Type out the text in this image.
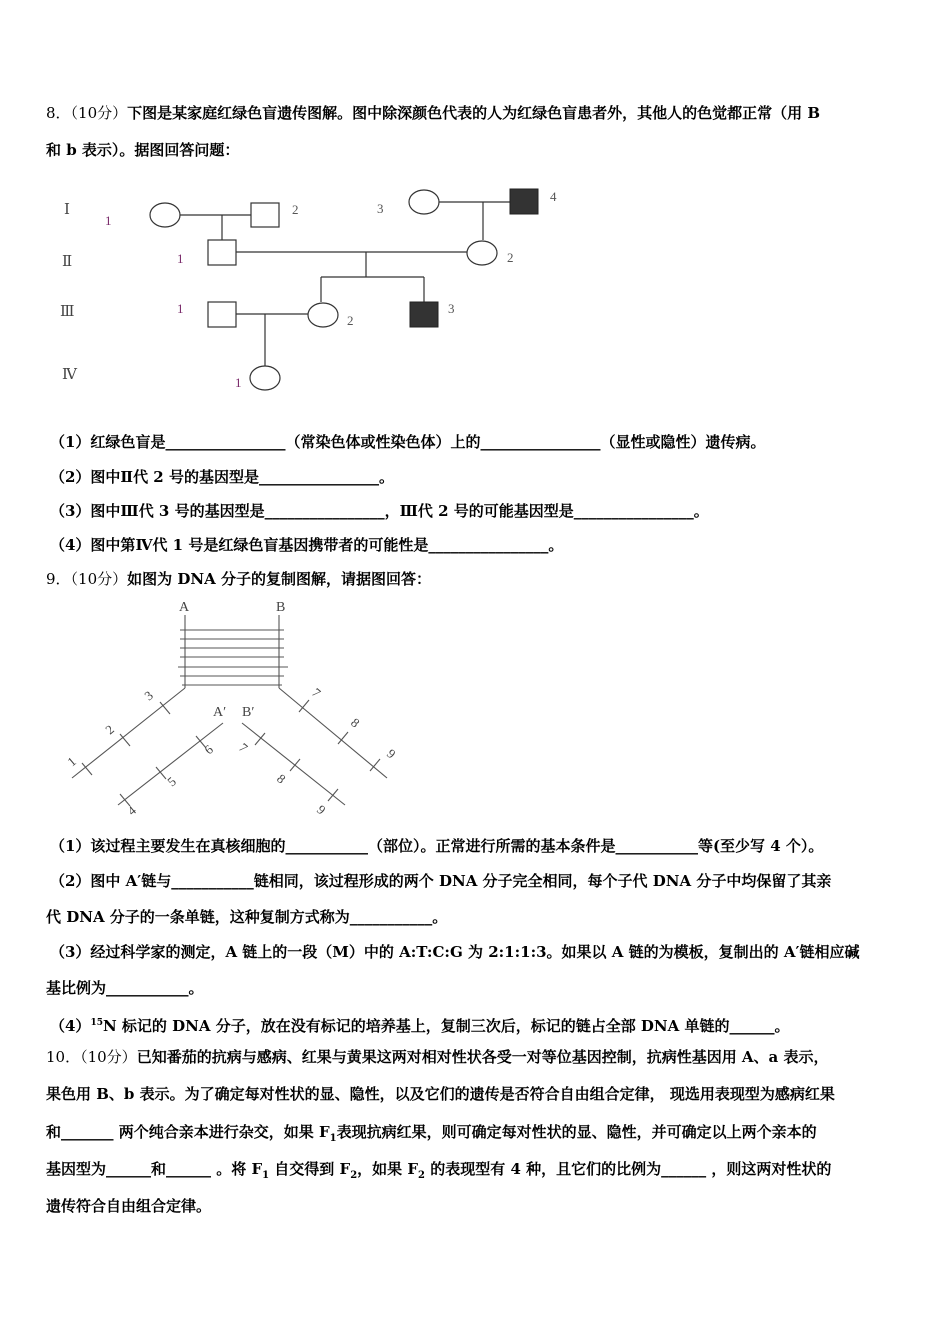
8．（10分）下图是某家庭红绿色盲遗传图解。图中除深颜色代表的人为红绿色盲患者外，其他人的色觉都正常（用 B
和 b 表示）。据图回答问题：
Ⅰ
Ⅱ
Ⅲ
Ⅳ
1
2	3
4
1	2
1
2
3
1
（1）红绿色盲是________________（常染色体或性染色体）上的________________（显性或隐性）遗传病。
（2）图中Ⅱ代 2 号的基因型是________________。
（3）图中Ⅲ代 3 号的基因型是________________，Ⅲ代 2 号的可能基因型是________________。
（4）图中第Ⅳ代 1 号是红绿色盲基因携带者的可能性是________________。
9．（10分）如图为 DNA 分子的复制图解，请据图回答：
A	B
A′ B′
1
2
3
4
5
6
7
8
9
7
8
9
（1）该过程主要发生在真核细胞的___________（部位）。正常进行所需的基本条件是___________等(至少写 4 个）。
（2）图中 A′链与___________链相同，该过程形成的两个 DNA 分子完全相同，每个子代 DNA 分子中均保留了其亲
代 DNA 分子的一条单链，这种复制方式称为___________。
（3）经过科学家的测定，A 链上的一段（M）中的 A:T:C:G 为 2:1:1:3。如果以 A 链的为模板，复制出的 A′链相应碱
基比例为___________。
$(4)^{15}N$ 标记的 DNA 分子，放在没有标记的培养基上，复制三次后，标记的链占全部 DNA 单链的______。
10．（10分）已知番茄的抗病与感病、红果与黄果这两对相对性状各受一对等位基因控制，抗病性基因用 A、a 表示，
果色用 B、b 表示。为了确定每对性状的显、隐性，以及它们的遗传是否符合自由组合定律， 现选用表现型为感病红果
和_______ 两个纯合亲本进行杂交，如果 $F_1$表现抗病红果，则可确定每对性状的显、隐性，并可确定以上两个亲本的
基因型为______和______ 。将 $F_1$ 自交得到 $F_2$，如果 $F_2$ 的表现型有 4 种，且它们的比例为______ ，则这两对性状的
遗传符合自由组合定律。
